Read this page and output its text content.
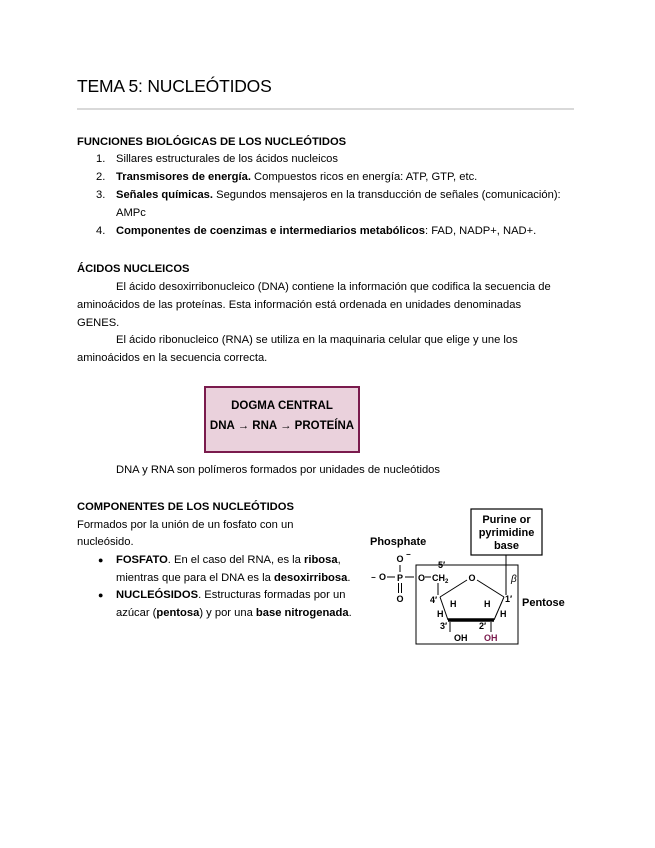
TEMA 5: NUCLEÓTIDOS
FUNCIONES BIOLÓGICAS DE LOS NUCLEÓTIDOS
1. Sillares estructurales de los ácidos nucleicos
2. Transmisores de energía. Compuestos ricos en energía: ATP, GTP, etc.
3. Señales químicas. Segundos mensajeros en la transducción de señales (comunicación):
AMPc
4. Componentes de coenzimas e intermediarios metabólicos: FAD, NADP+, NAD+.
ÁCIDOS NUCLEICOS
El ácido desoxirribonucleico (DNA) contiene la información que codifica la secuencia de
aminoácidos de las proteínas. Esta información está ordenada en unidades denominadas
GENES.
El ácido ribonucleico (RNA) se utiliza en la maquinaria celular que elige y une los
aminoácidos en la secuencia correcta.
DOGMA CENTRAL
DNA → RNA → PROTEÍNA
DNA y RNA son polímeros formados por unidades de nucleótidos
COMPONENTES DE LOS NUCLEÓTIDOS
Formados por la unión de un fosfato con un
nucleósido.
● FOSFATO. En el caso del RNA, es la ribosa,
mientras que para el DNA es la desoxirribosa.
● NUCLEÓSIDOS. Estructuras formadas por un
azúcar (pentosa) y por una base nitrogenada.
Purine or
pyrimidine
base
Phosphate
Pentose
O −
− O P
O
O $CH_2$
5′
4′
O	β
1′
H	H
H	H
3′	2′
OH OH
